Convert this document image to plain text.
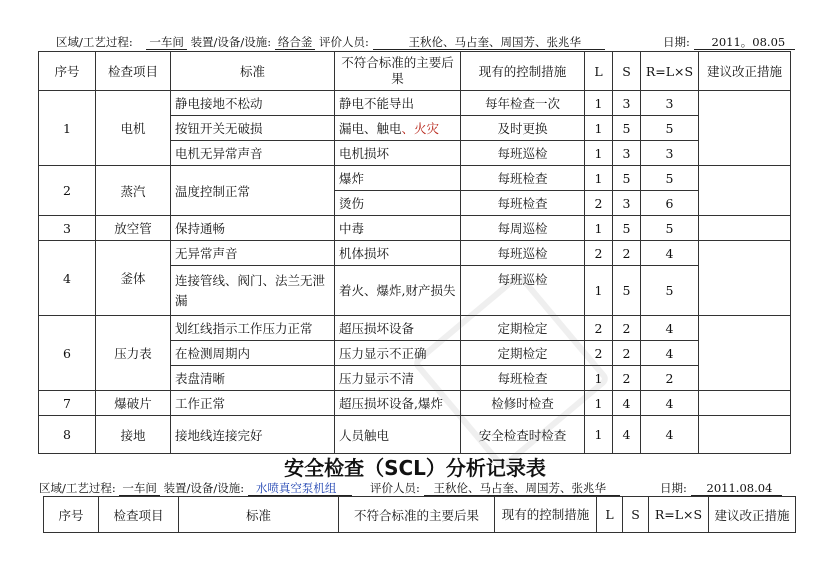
区域/工艺过程: 一车间 装置/设备/设施: 络合釜 评价人员:	王秋伦、马占奎、周国芳、张兆华	日期: 2011。08.05
序号	检查项目	标准	不符合标准的主要后果	现有的控制措施	L	S	R=L×S	建议改正措施
1	电机	静电接地不松动	静电不能导出	每年检查一次	1	3	3	
		按钮开关无破损	漏电、触电、火灾	及时更换	1	5	5	
		电机无异常声音	电机损坏	每班巡检	1	3	3	
2	蒸汽	温度控制正常	爆炸	每班检查	1	5	5	
			烫伤	每班检查	2	3	6	
3	放空管	保持通畅	中毒	每周巡检	1	5	5	
4	釜体	无异常声音	机体损坏	每班巡检	2	2	4	
		连接管线、阀门、法兰无泄漏	着火、爆炸,财产损失	每班巡检	1	5	5	
6	压力表	划红线指示工作压力正常	超压损坏设备	定期检定	2	2	4	
		在检测周期内	压力显示不正确	定期检定	2	2	4	
		表盘清晰	压力显示不清	每班检查	1	2	2	
7	爆破片	工作正常	超压损坏设备,爆炸	检修时检查	1	4	4	
8	接地	接地线连接完好	人员触电	安全检查时检查	1	4	4	
安全检查（SCL）分析记录表
区域/工艺过程: 一车间 装置/设备/设施: 水喷真空泵机组	评价人员: 王秋伦、马占奎、周国芳、张兆华	日期: 2011.08.04
序号	检查项目	标准	不符合标准的主要后果	现有的控制措施	L	S	R=L×S	建议改正措施
